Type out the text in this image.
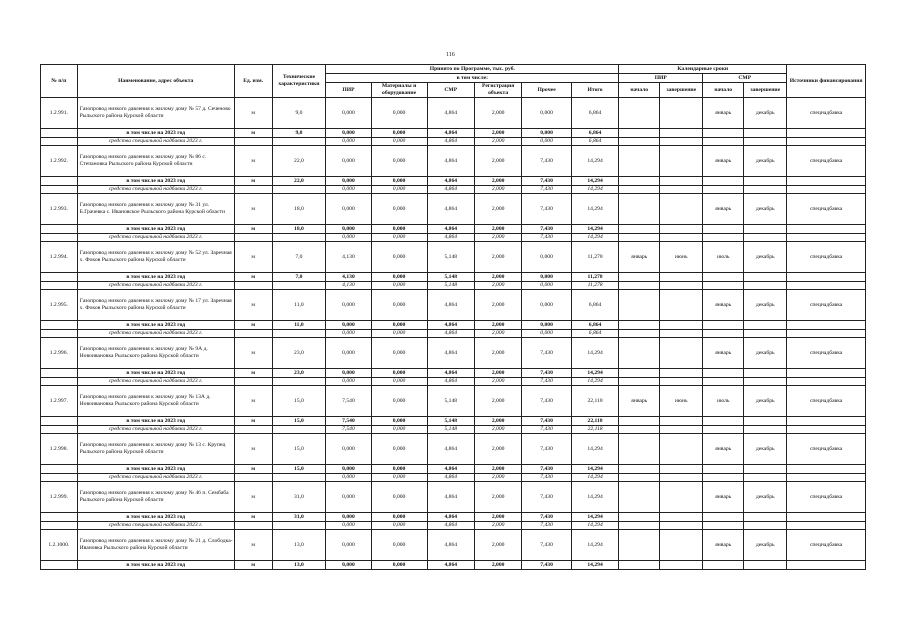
116
№ п/п	Наименование, адрес объекта	Ед. изм.	Технические характеристики	Принято по Программе, тыс. руб.						Календарные сроки				Источники финансирования
				в том числе:						ПИР		СМР		
				ПИР	Материалы и оборудование	СМР	Регистрация объекта	Прочее	Итого	начало	завершение	начало	завершение	
1.2.991.	Газопровод низкого давления к жилому дому № 57 д. Сеченово Рыльского района Курской области	м	9,0	0,000	0,000	4,864	2,000	0,000	6,864			январь	декабрь	спецнадбавка
	в том числе на 2023 год	м	9,0	0,000	0,000	4,864	2,000	0,000	6,864					
	средства специальной надбавки 2023 г.			0,000	0,000	4,864	2,000	0,000	6,864					
1.2.992.	Газопровод низкого давления к жилому дому № 86 с. Степановка Рыльского района Курской области	м	22,0	0,000	0,000	4,864	2,000	7,430	14,294			январь	декабрь	спецнадбавка
	в том числе на 2023 год	м	22,0	0,000	0,000	4,864	2,000	7,430	14,294					
	средства специальной надбавки 2023 г.			0,000	0,000	4,864	2,000	7,430	14,294					
1.2.993.	Газопровод низкого давления к жилому дому № 31 ул. Б.Грачевка с. Ивановское Рыльского района Курской области	м	18,0	0,000	0,000	4,864	2,000	7,430	14,294			январь	декабрь	спецнадбавка
	в том числе на 2023 год	м	18,0	0,000	0,000	4,864	2,000	7,430	14,294					
	средства специальной надбавки 2023 г.			0,000	0,000	4,864	2,000	7,430	14,294					
1.2.994.	Газопровод низкого давления к жилому дому № 52 ул. Заречная х. Фоков Рыльского района Курской области	м	7,0	4,130	0,000	5,148	2,000	0,000	11,278	январь	июнь	июль	декабрь	спецнадбавка
	в том числе на 2023 год	м	7,0	4,130	0,000	5,148	2,000	0,000	11,278					
	средства специальной надбавки 2023 г.			4,130	0,000	5,148	2,000	0,000	11,278					
1.2.995.	Газопровод низкого давления к жилому дому № 17 ул. Заречная х. Фоков Рыльского района Курской области	м	11,0	0,000	0,000	4,864	2,000	0,000	6,864			январь	декабрь	спецнадбавка
	в том числе на 2023 год	м	11,0	0,000	0,000	4,864	2,000	0,000	6,864					
	средства специальной надбавки 2023 г.			0,000	0,000	4,864	2,000	0,000	6,864					
1.2.996.	Газопровод низкого давления к жилому дому № 9А д. Новоивановка Рыльского района Курской области	м	23,0	0,000	0,000	4,864	2,000	7,430	14,294			январь	декабрь	спецнадбавка
	в том числе на 2023 год	м	23,0	0,000	0,000	4,864	2,000	7,430	14,294					
	средства специальной надбавки 2023 г.			0,000	0,000	4,864	2,000	7,430	14,294					
1.2.997.	Газопровод низкого давления к жилому дому № 13А д. Новоивановка Рыльского района Курской области	м	15,0	7,540	0,000	5,148	2,000	7,430	22,118	январь	июнь	июль	декабрь	спецнадбавка
	в том числе на 2023 год	м	15,0	7,540	0,000	5,148	2,000	7,430	22,118					
	средства специальной надбавки 2023 г.			7,540	0,000	5,148	2,000	7,430	22,118					
1.2.998.	Газопровод низкого давления к жилому дому № 13 с. Крупец Рыльского района Курской области	м	15,0	0,000	0,000	4,864	2,000	7,430	14,294			январь	декабрь	спецнадбавка
	в том числе на 2023 год	м	15,0	0,000	0,000	4,864	2,000	7,430	14,294					
	средства специальной надбавки 2023 г.			0,000	0,000	4,864	2,000	7,430	14,294					
1.2.999.	Газопровод низкого давления к жилому дому № 46 п. Сембаба Рыльского района Курской области	м	31,0	0,000	0,000	4,864	2,000	7,430	14,294			январь	декабрь	спецнадбавка
	в том числе на 2023 год	м	31,0	0,000	0,000	4,864	2,000	7,430	14,294					
	средства специальной надбавки 2023 г.			0,000	0,000	4,864	2,000	7,430	14,294					
1.2.1000.	Газопровод низкого давления к жилому дому № 21 д. Слободка-Ивановка Рыльского района Курской области	м	13,0	0,000	0,000	4,864	2,000	7,430	14,294			январь	декабрь	спецнадбавка
	в том числе на 2023 год	м	13,0	0,000	0,000	4,864	2,000	7,430	14,294					
